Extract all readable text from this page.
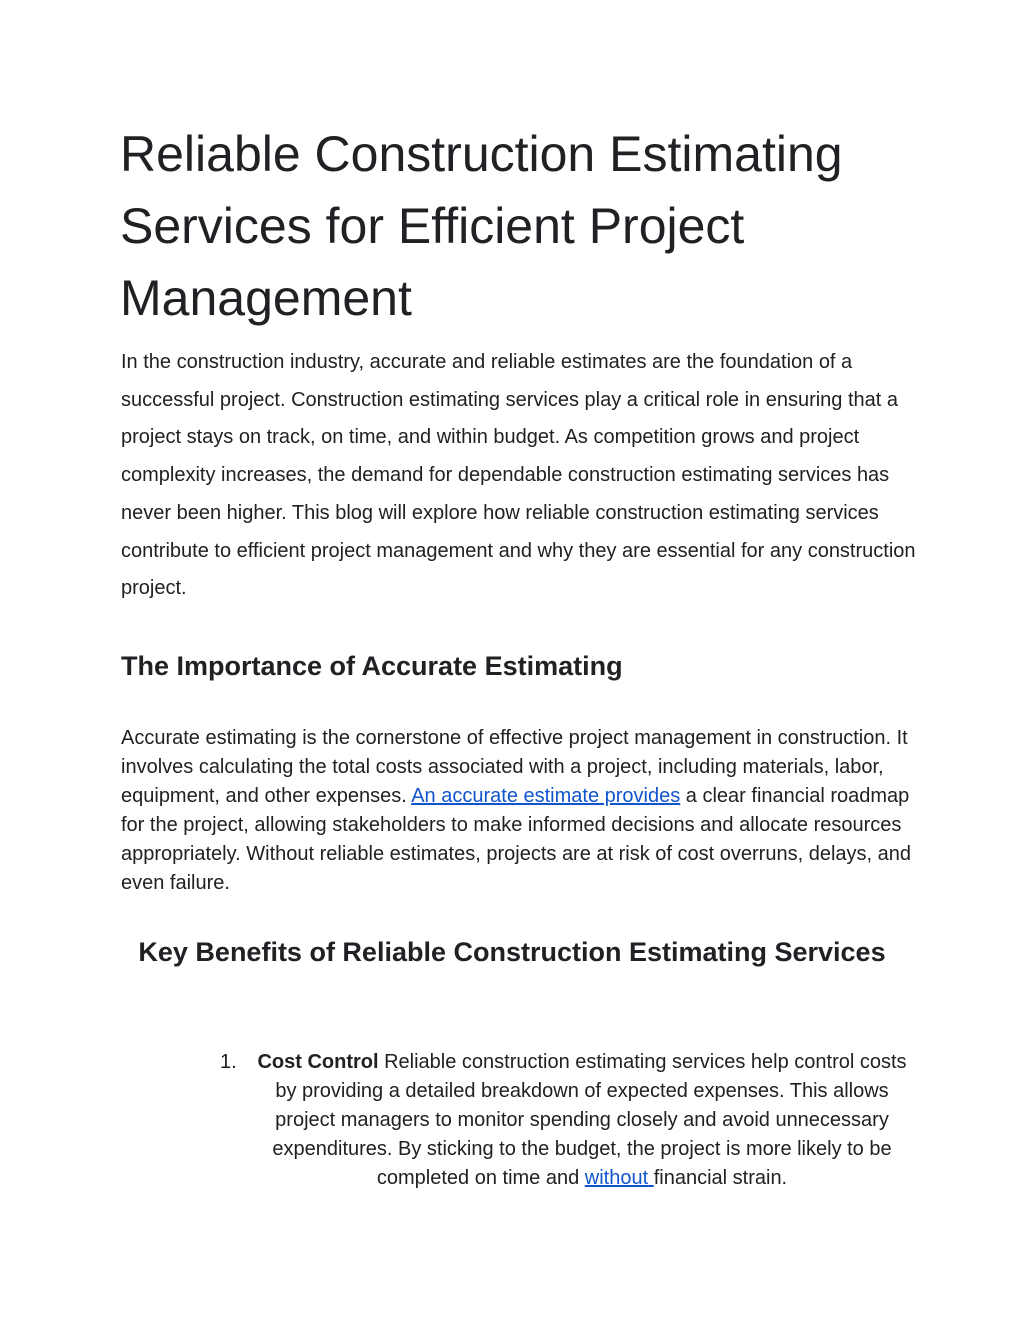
Reliable Construction Estimating Services for Efficient Project Management

In the construction industry, accurate and reliable estimates are the foundation of a successful project. Construction estimating services play a critical role in ensuring that a project stays on track, on time, and within budget. As competition grows and project complexity increases, the demand for dependable construction estimating services has never been higher. This blog will explore how reliable construction estimating services contribute to efficient project management and why they are essential for any construction project.

The Importance of Accurate Estimating

Accurate estimating is the cornerstone of effective project management in construction. It involves calculating the total costs associated with a project, including materials, labor, equipment, and other expenses. An accurate estimate provides a clear financial roadmap for the project, allowing stakeholders to make informed decisions and allocate resources appropriately. Without reliable estimates, projects are at risk of cost overruns, delays, and even failure.

Key Benefits of Reliable Construction Estimating Services
1.	Cost Control Reliable construction estimating services help control costs by providing a detailed breakdown of expected expenses. This allows project managers to monitor spending closely and avoid unnecessary expenditures. By sticking to the budget, the project is more likely to be completed on time and without financial strain.
